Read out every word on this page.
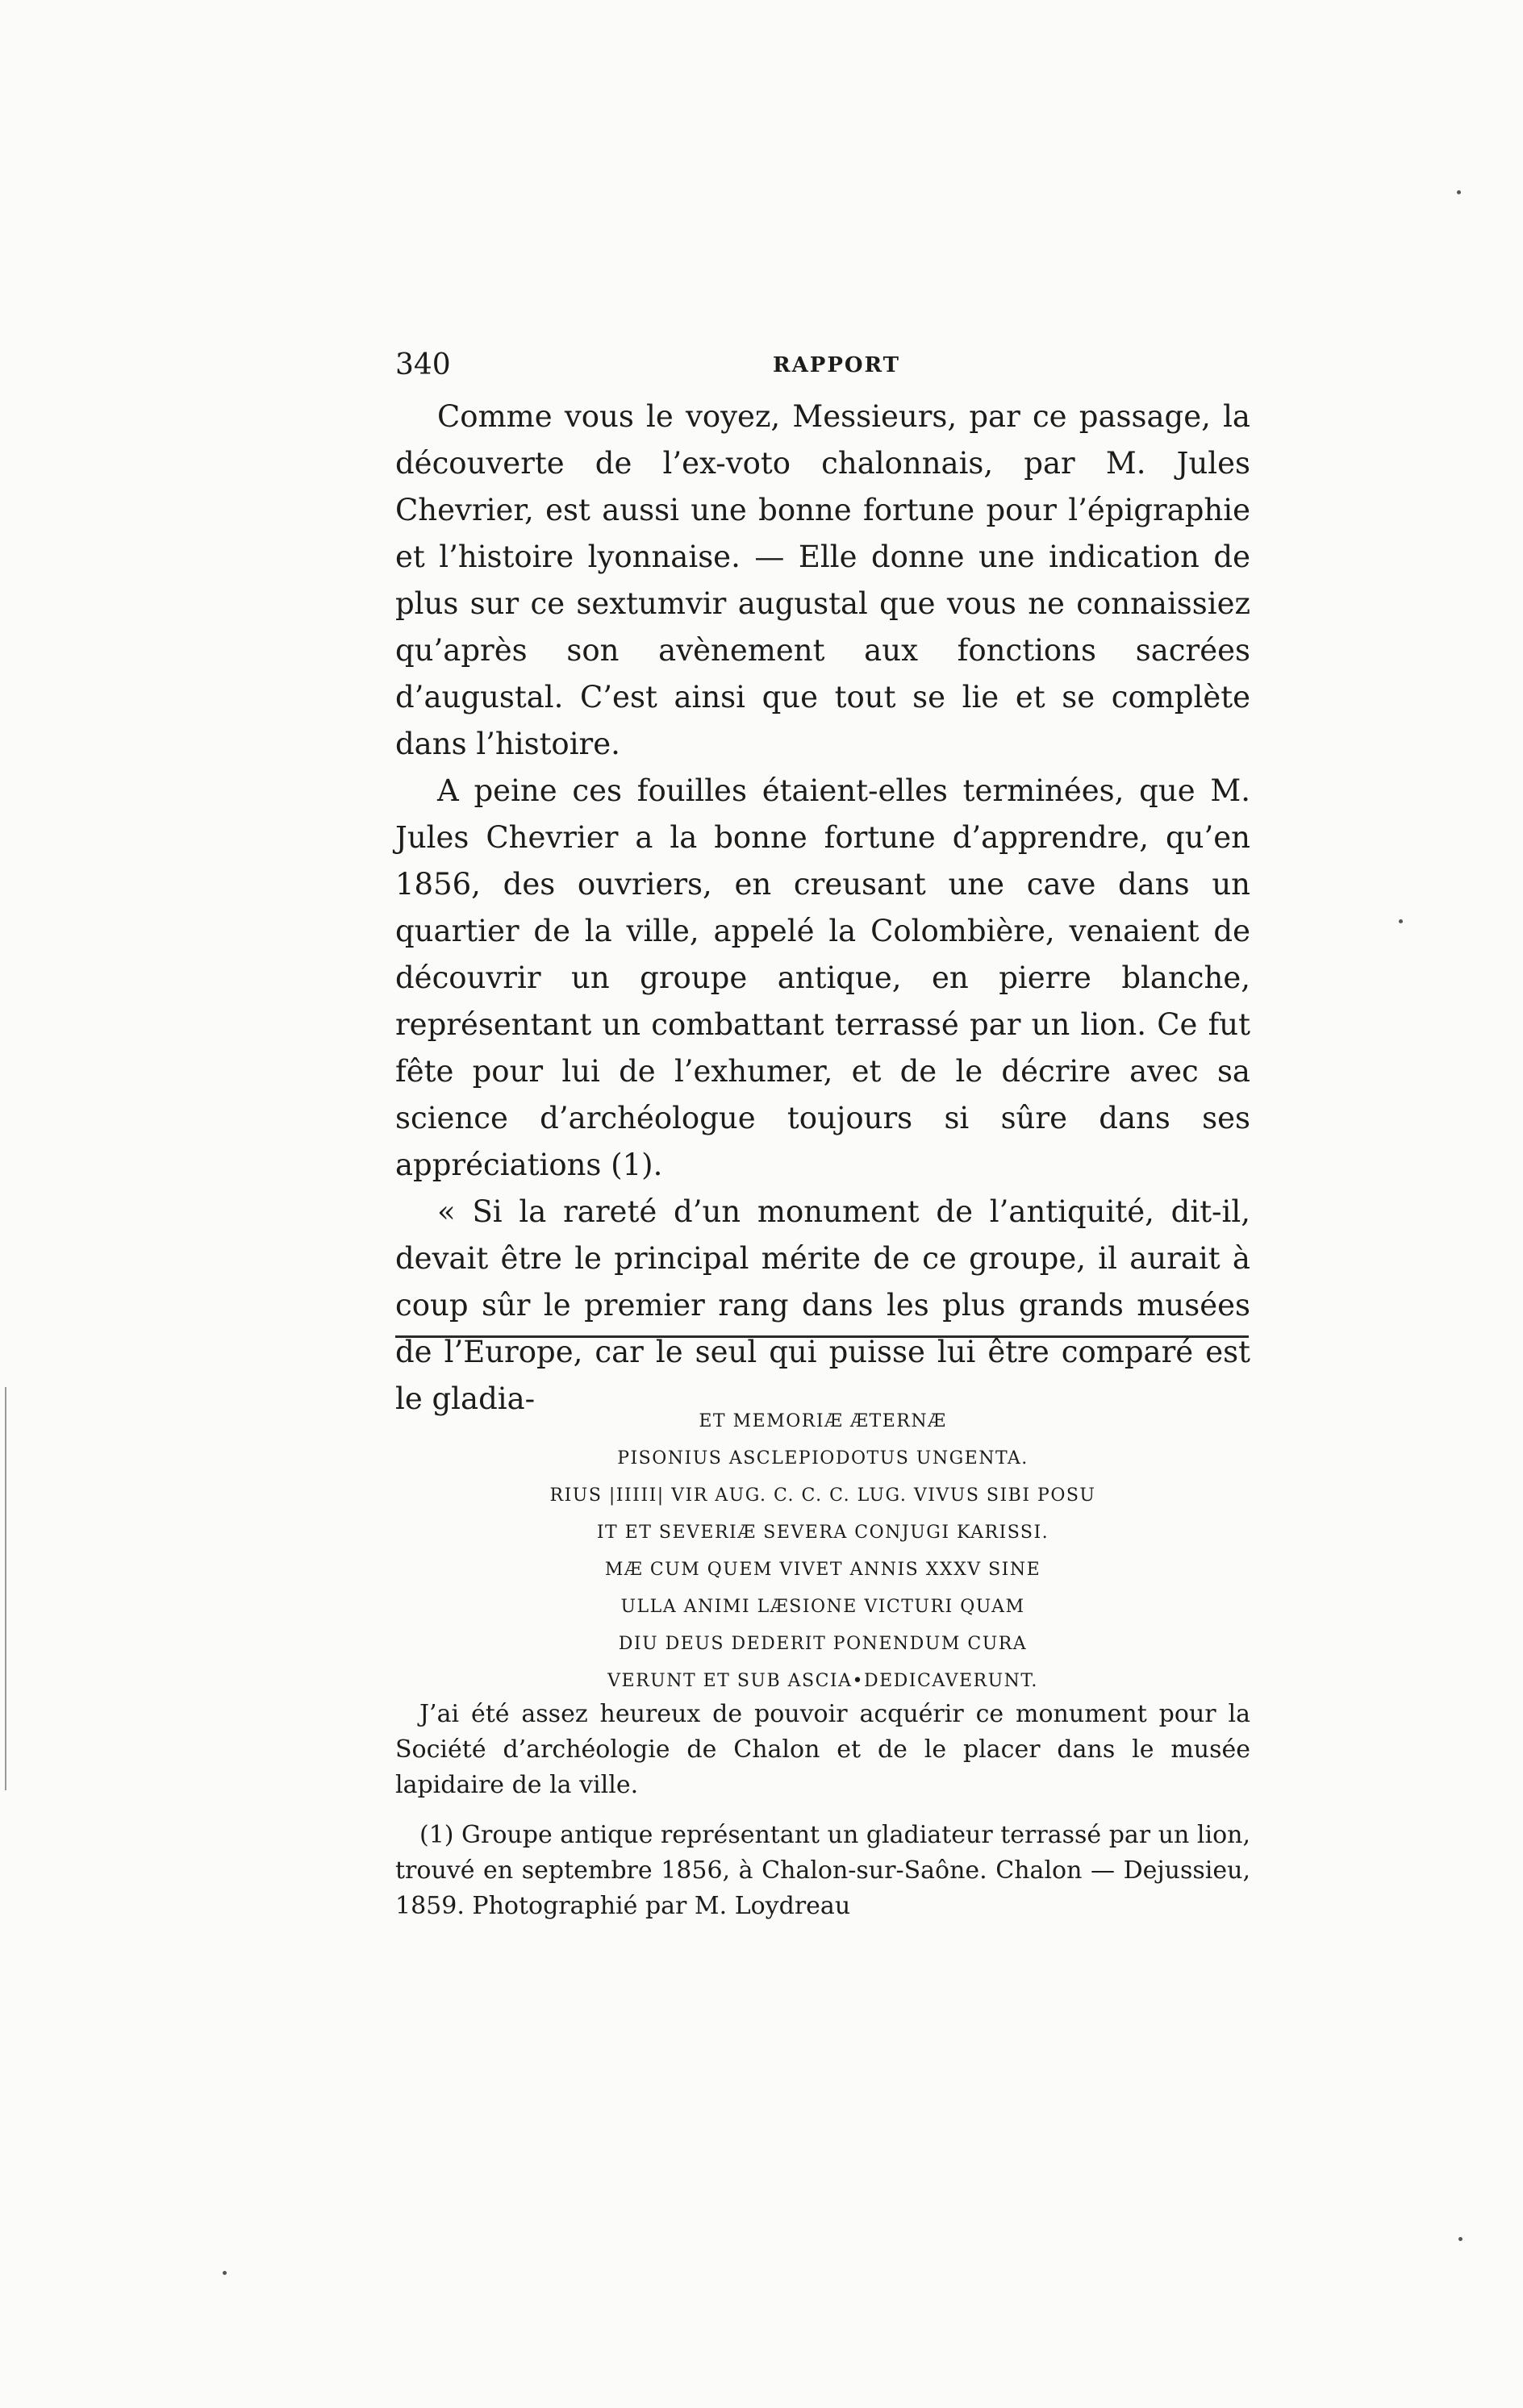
340	RAPPORT

Comme vous le voyez, Messieurs, par ce passage, la découverte de l’ex-voto chalonnais, par M. Jules Chevrier, est aussi une bonne fortune pour l’épigraphie et l’histoire lyonnaise. — Elle donne une indication de plus sur ce sextumvir augustal que vous ne connaissiez qu’après son avènement aux fonctions sacrées d’augustal. C’est ainsi que tout se lie et se complète dans l’histoire.

A peine ces fouilles étaient-elles terminées, que M. Jules Chevrier a la bonne fortune d’apprendre, qu’en 1856, des ouvriers, en creusant une cave dans un quartier de la ville, appelé la Colombière, venaient de découvrir un groupe antique, en pierre blanche, représentant un combattant terrassé par un lion. Ce fut fête pour lui de l’exhumer, et de le décrire avec sa science d’archéologue toujours si sûre dans ses appréciations (1).

« Si la rareté d’un monument de l’antiquité, dit-il, devait être le principal mérite de ce groupe, il aurait à coup sûr le premier rang dans les plus grands musées de l’Europe, car le seul qui puisse lui être comparé est le gladia-

ET MEMORIÆ ÆTERNÆ
PISONIUS ASCLEPIODOTUS UNGENTA.
RIUS |IIIII| VIR AUG. C. C. C. LUG. VIVUS SIBI POSU
IT ET SEVERIÆ SEVERA CONJUGI KARISSI.
MÆ CUM QUEM VIVET ANNIS XXXV SINE
ULLA ANIMI LÆSIONE VICTURI QUAM
DIU DEUS DEDERIT PONENDUM CURA
VERUNT ET SUB ASCIA•DEDICAVERUNT.

J’ai été assez heureux de pouvoir acquérir ce monument pour la Société d’archéologie de Chalon et de le placer dans le musée lapidaire de la ville.

(1) Groupe antique représentant un gladiateur terrassé par un lion, trouvé en septembre 1856, à Chalon-sur-Saône. Chalon — Dejussieu, 1859. Photographié par M. Loydreau
